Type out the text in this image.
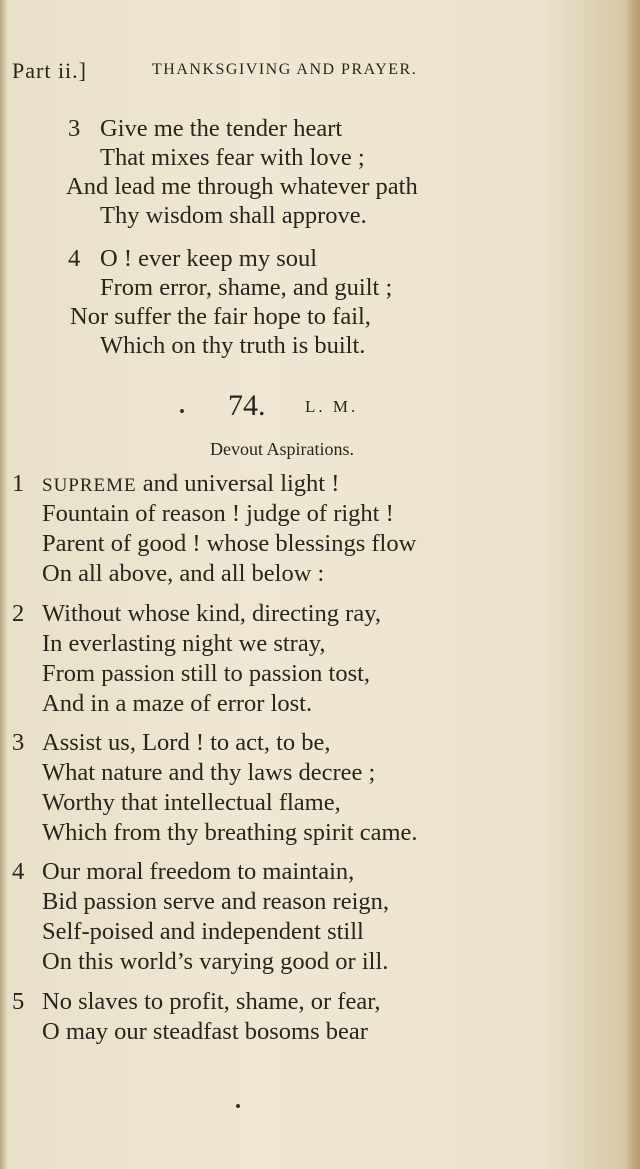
Part ii.]	THANKSGIVING AND PRAYER.
3 Give me the tender heart
That mixes fear with love ;
And lead me through whatever path
Thy wisdom shall approve.
4 O ! ever keep my soul
From error, shame, and guilt ;
Nor suffer the fair hope to fail,
Which on thy truth is built.
74. L. M.
Devout Aspirations.
1 SUPREME and universal light !
Fountain of reason ! judge of right !
Parent of good ! whose blessings flow
On all above, and all below :
2 Without whose kind, directing ray,
In everlasting night we stray,
From passion still to passion tost,
And in a maze of error lost.
3 Assist us, Lord ! to act, to be,
What nature and thy laws decree ;
Worthy that intellectual flame,
Which from thy breathing spirit came.
4 Our moral freedom to maintain,
Bid passion serve and reason reign,
Self-poised and independent still
On this world’s varying good or ill.
5 No slaves to profit, shame, or fear,
O may our steadfast bosoms bear
